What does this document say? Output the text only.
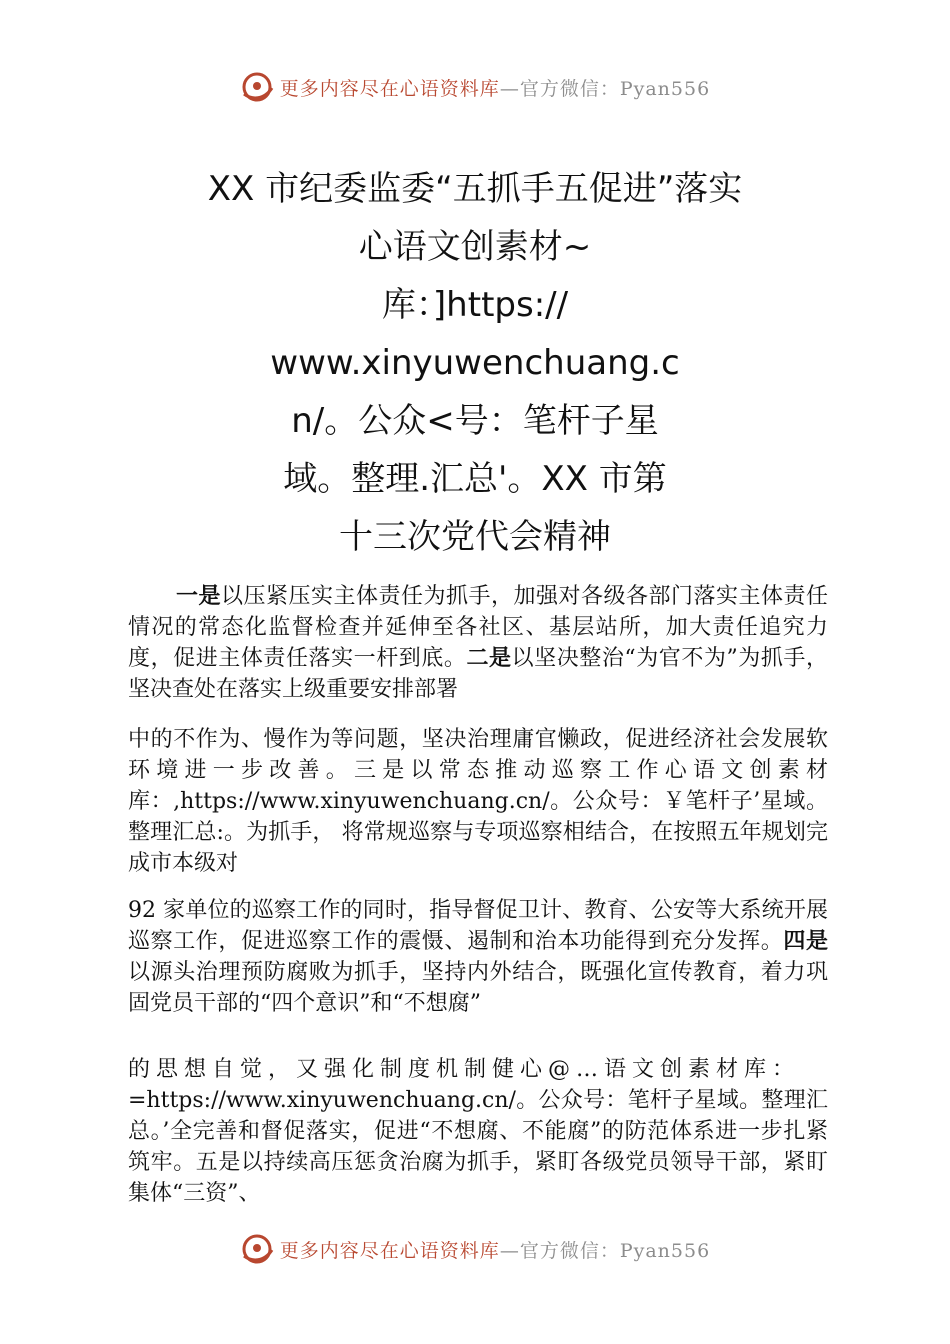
更多内容尽在心语资料库—官方微信：Pyan556
XX 市纪委监委“五抓手五促进”落实
心语文创素材~
库：]https://
www.xinyuwenchuang.c
n/。公众<号：笔杆子星
域。整理.汇总'。XX 市第
十三次党代会精神
一是以压紧压实主体责任为抓手，加强对各级各部门落实主体责任情况的常态化监督检查并延伸至各社区、基层站所，加大责任追究力度，促进主体责任落实一杆到底。二是以坚决整治“为官不为”为抓手，坚决查处在落实上级重要安排部署
中的不作为、慢作为等问题，坚决治理庸官懒政，促进经济社会发展软环境进一步改善。三是以常态推动巡察工作心语文创素材库：,https://www.xinyuwenchuang.cn/。公众号：￥笔杆子’星域。整理汇总:。为抓手， 将常规巡察与专项巡察相结合，在按照五年规划完成市本级对
92 家单位的巡察工作的同时，指导督促卫计、教育、公安等大系统开展巡察工作，促进巡察工作的震慑、遏制和治本功能得到充分发挥。四是以源头治理预防腐败为抓手，坚持内外结合，既强化宣传教育，着力巩固党员干部的“四个意识”和“不想腐”
的思想自觉，又强化制度机制健心@…语文创素材库：
=https://www.xinyuwenchuang.cn/。公众号：笔杆子星域。整理汇总。’全完善和督促落实，促进“不想腐、不能腐”的防范体系进一步扎紧筑牢。五是以持续高压惩贪治腐为抓手，紧盯各级党员领导干部，紧盯集体“三资”、
更多内容尽在心语资料库—官方微信：Pyan556
